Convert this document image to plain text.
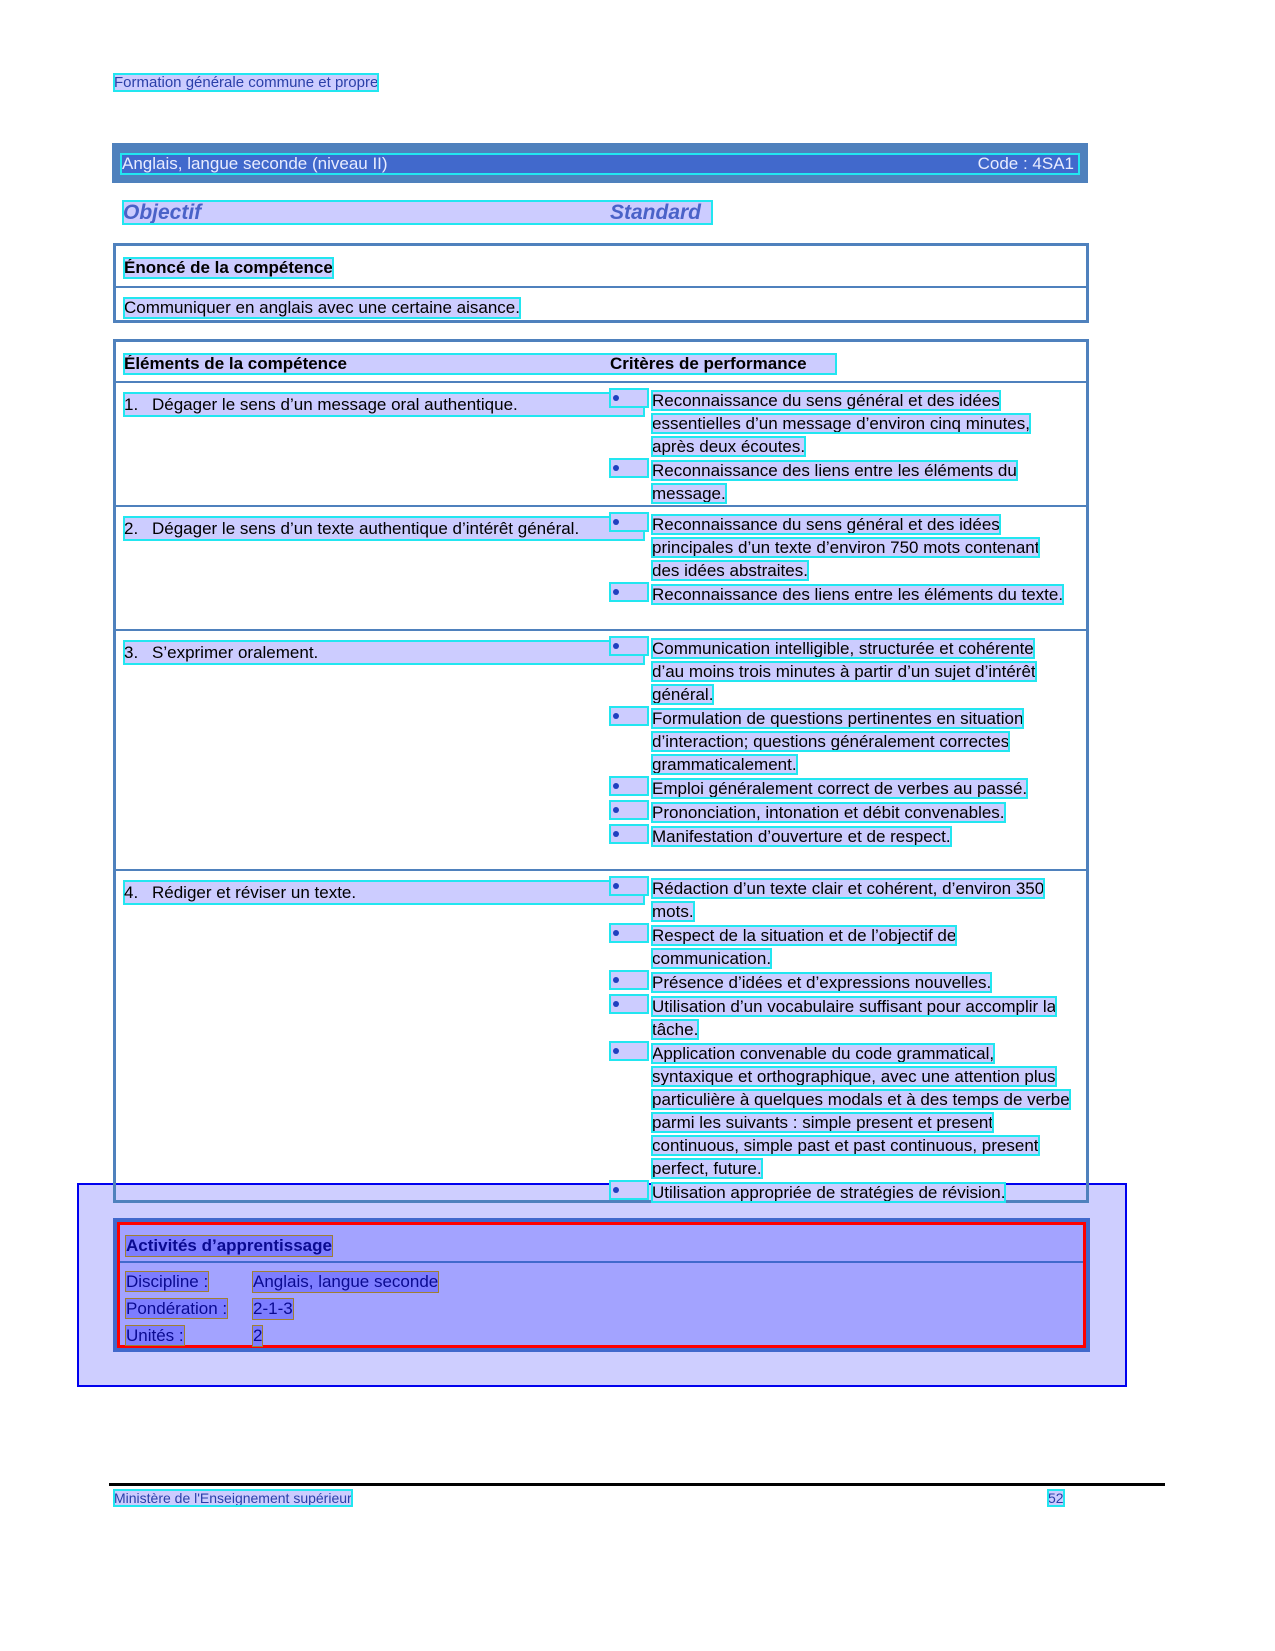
Formation générale commune et propre
Anglais, langue seconde (niveau II)	Code : 4SA1
Objectif	Standard
Énoncé de la compétence
Communiquer en anglais avec une certaine aisance.
Éléments de la compétence	Critères de performance
1. Dégager le sens d’un message oral authentique.	Reconnaissance du sens général et des idées essentielles d’un message d’environ cinq minutes, après deux écoutes.
Reconnaissance des liens entre les éléments du message.
2. Dégager le sens d’un texte authentique d’intérêt général.	Reconnaissance du sens général et des idées principales d’un texte d’environ 750 mots contenant des idées abstraites.
Reconnaissance des liens entre les éléments du texte.
3. S’exprimer oralement.	Communication intelligible, structurée et cohérente d’au moins trois minutes à partir d’un sujet d’intérêt général.
Formulation de questions pertinentes en situation d’interaction; questions généralement correctes grammaticalement.
Emploi généralement correct de verbes au passé.
Prononciation, intonation et débit convenables.
Manifestation d’ouverture et de respect.
4. Rédiger et réviser un texte.	Rédaction d’un texte clair et cohérent, d’environ 350 mots.
Respect de la situation et de l’objectif de communication.
Présence d’idées et d’expressions nouvelles.
Utilisation d’un vocabulaire suffisant pour accomplir la tâche.
Application convenable du code grammatical, syntaxique et orthographique, avec une attention plus particulière à quelques modals et à des temps de verbe parmi les suivants : simple present et present continuous, simple past et past continuous, present perfect, future.
Utilisation appropriée de stratégies de révision.
Activités d’apprentissage
Discipline :	Anglais, langue seconde
Pondération : 2-1-3
Unités :	2
Ministère de l'Enseignement supérieur	52
